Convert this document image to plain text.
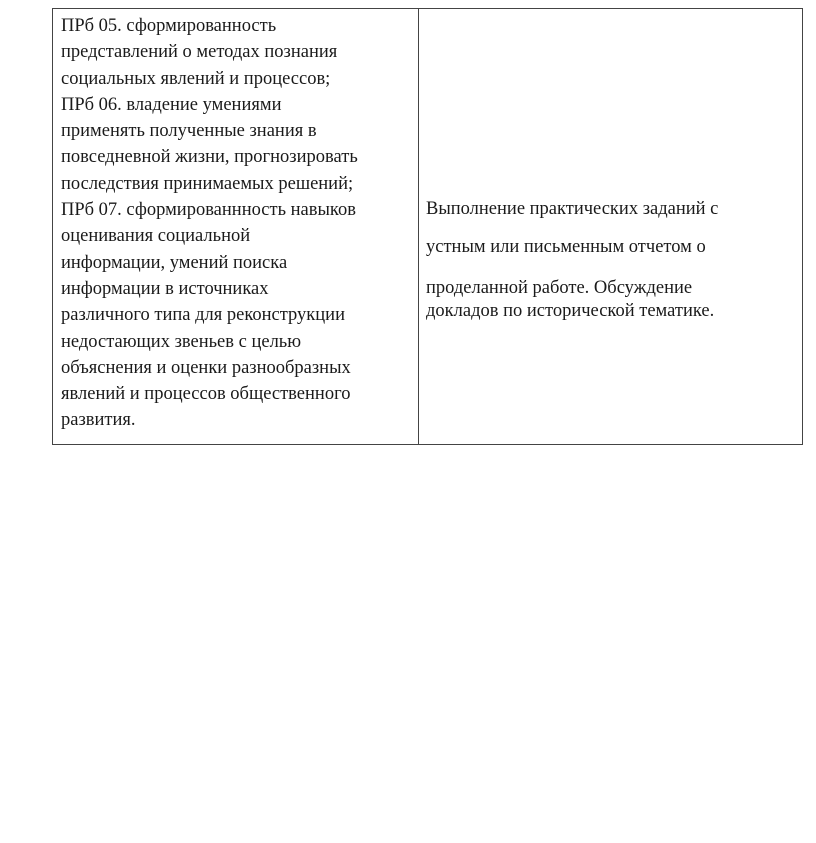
ПРб 05. сформированность
представлений о методах познания
социальных явлений и процессов;
ПРб 06. владение умениями
применять полученные знания в
повседневной жизни, прогнозировать
последствия принимаемых решений;
ПРб 07. сформированнность навыков
оценивания социальной
информации, умений поиска
информации в источниках
различного типа для реконструкции
недостающих звеньев с целью
объяснения и оценки разнообразных
явлений и процессов общественного
развития.

Выполнение практических заданий с
устным или письменным отчетом о
проделанной работе. Обсуждение
докладов по исторической тематике.
